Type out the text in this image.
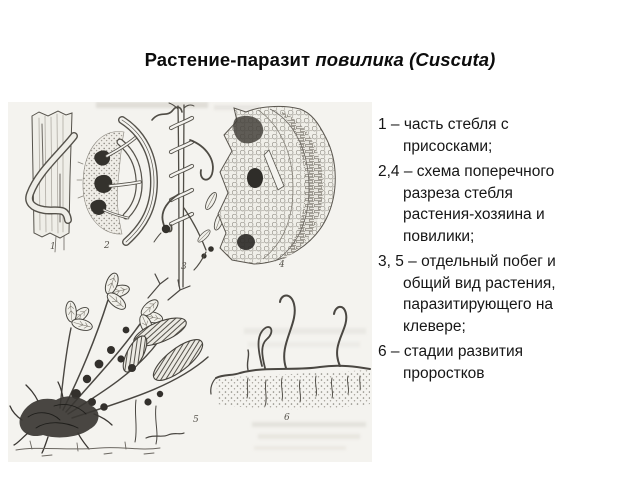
Растение-паразит повилика (Cuscuta)
1	2
3	4
5	6
1 – часть стебля с
присосками;
2,4 – схема поперечного
разреза стебля
растения-хозяина и
повилики;
3, 5 – отдельный побег и
общий вид растения,
паразитирующего на
клевере;
6 – стадии развития
проростков
